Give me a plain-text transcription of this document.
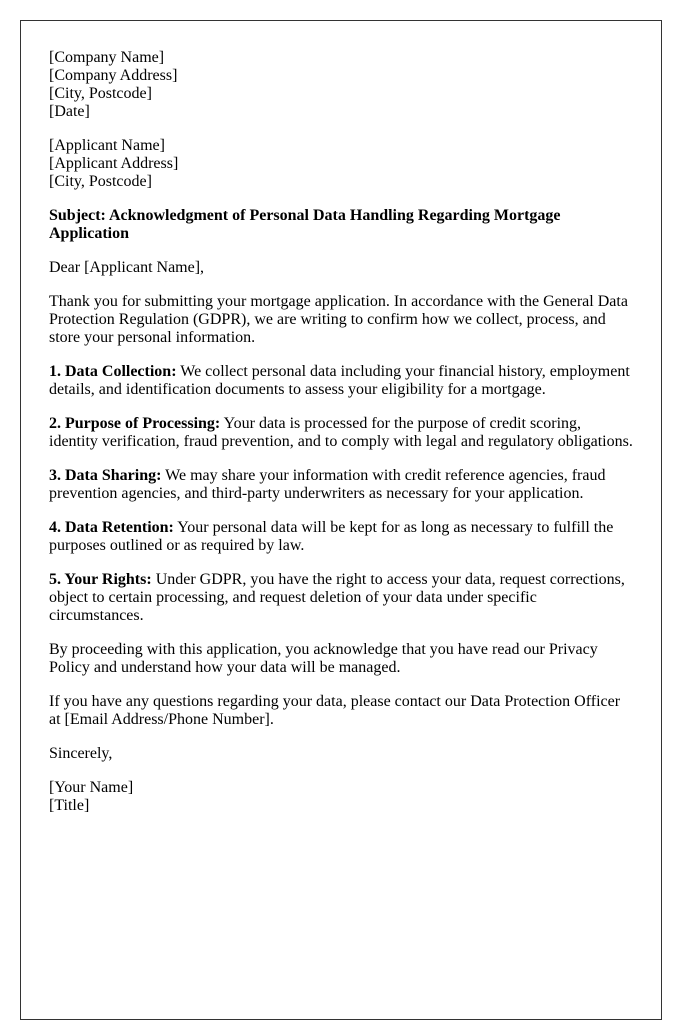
[Company Name]
[Company Address]
[City, Postcode]
[Date]
[Applicant Name]
[Applicant Address]
[City, Postcode]

Subject: Acknowledgment of Personal Data Handling Regarding Mortgage Application

Dear [Applicant Name],

Thank you for submitting your mortgage application. In accordance with the General Data Protection Regulation (GDPR), we are writing to confirm how we collect, process, and store your personal information.

1. Data Collection: We collect personal data including your financial history, employment details, and identification documents to assess your eligibility for a mortgage.

2. Purpose of Processing: Your data is processed for the purpose of credit scoring, identity verification, fraud prevention, and to comply with legal and regulatory obligations.

3. Data Sharing: We may share your information with credit reference agencies, fraud prevention agencies, and third-party underwriters as necessary for your application.

4. Data Retention: Your personal data will be kept for as long as necessary to fulfill the purposes outlined or as required by law.

5. Your Rights: Under GDPR, you have the right to access your data, request corrections, object to certain processing, and request deletion of your data under specific circumstances.

By proceeding with this application, you acknowledge that you have read our Privacy Policy and understand how your data will be managed.

If you have any questions regarding your data, please contact our Data Protection Officer at [Email Address/Phone Number].

Sincerely,

[Your Name]
[Title]
